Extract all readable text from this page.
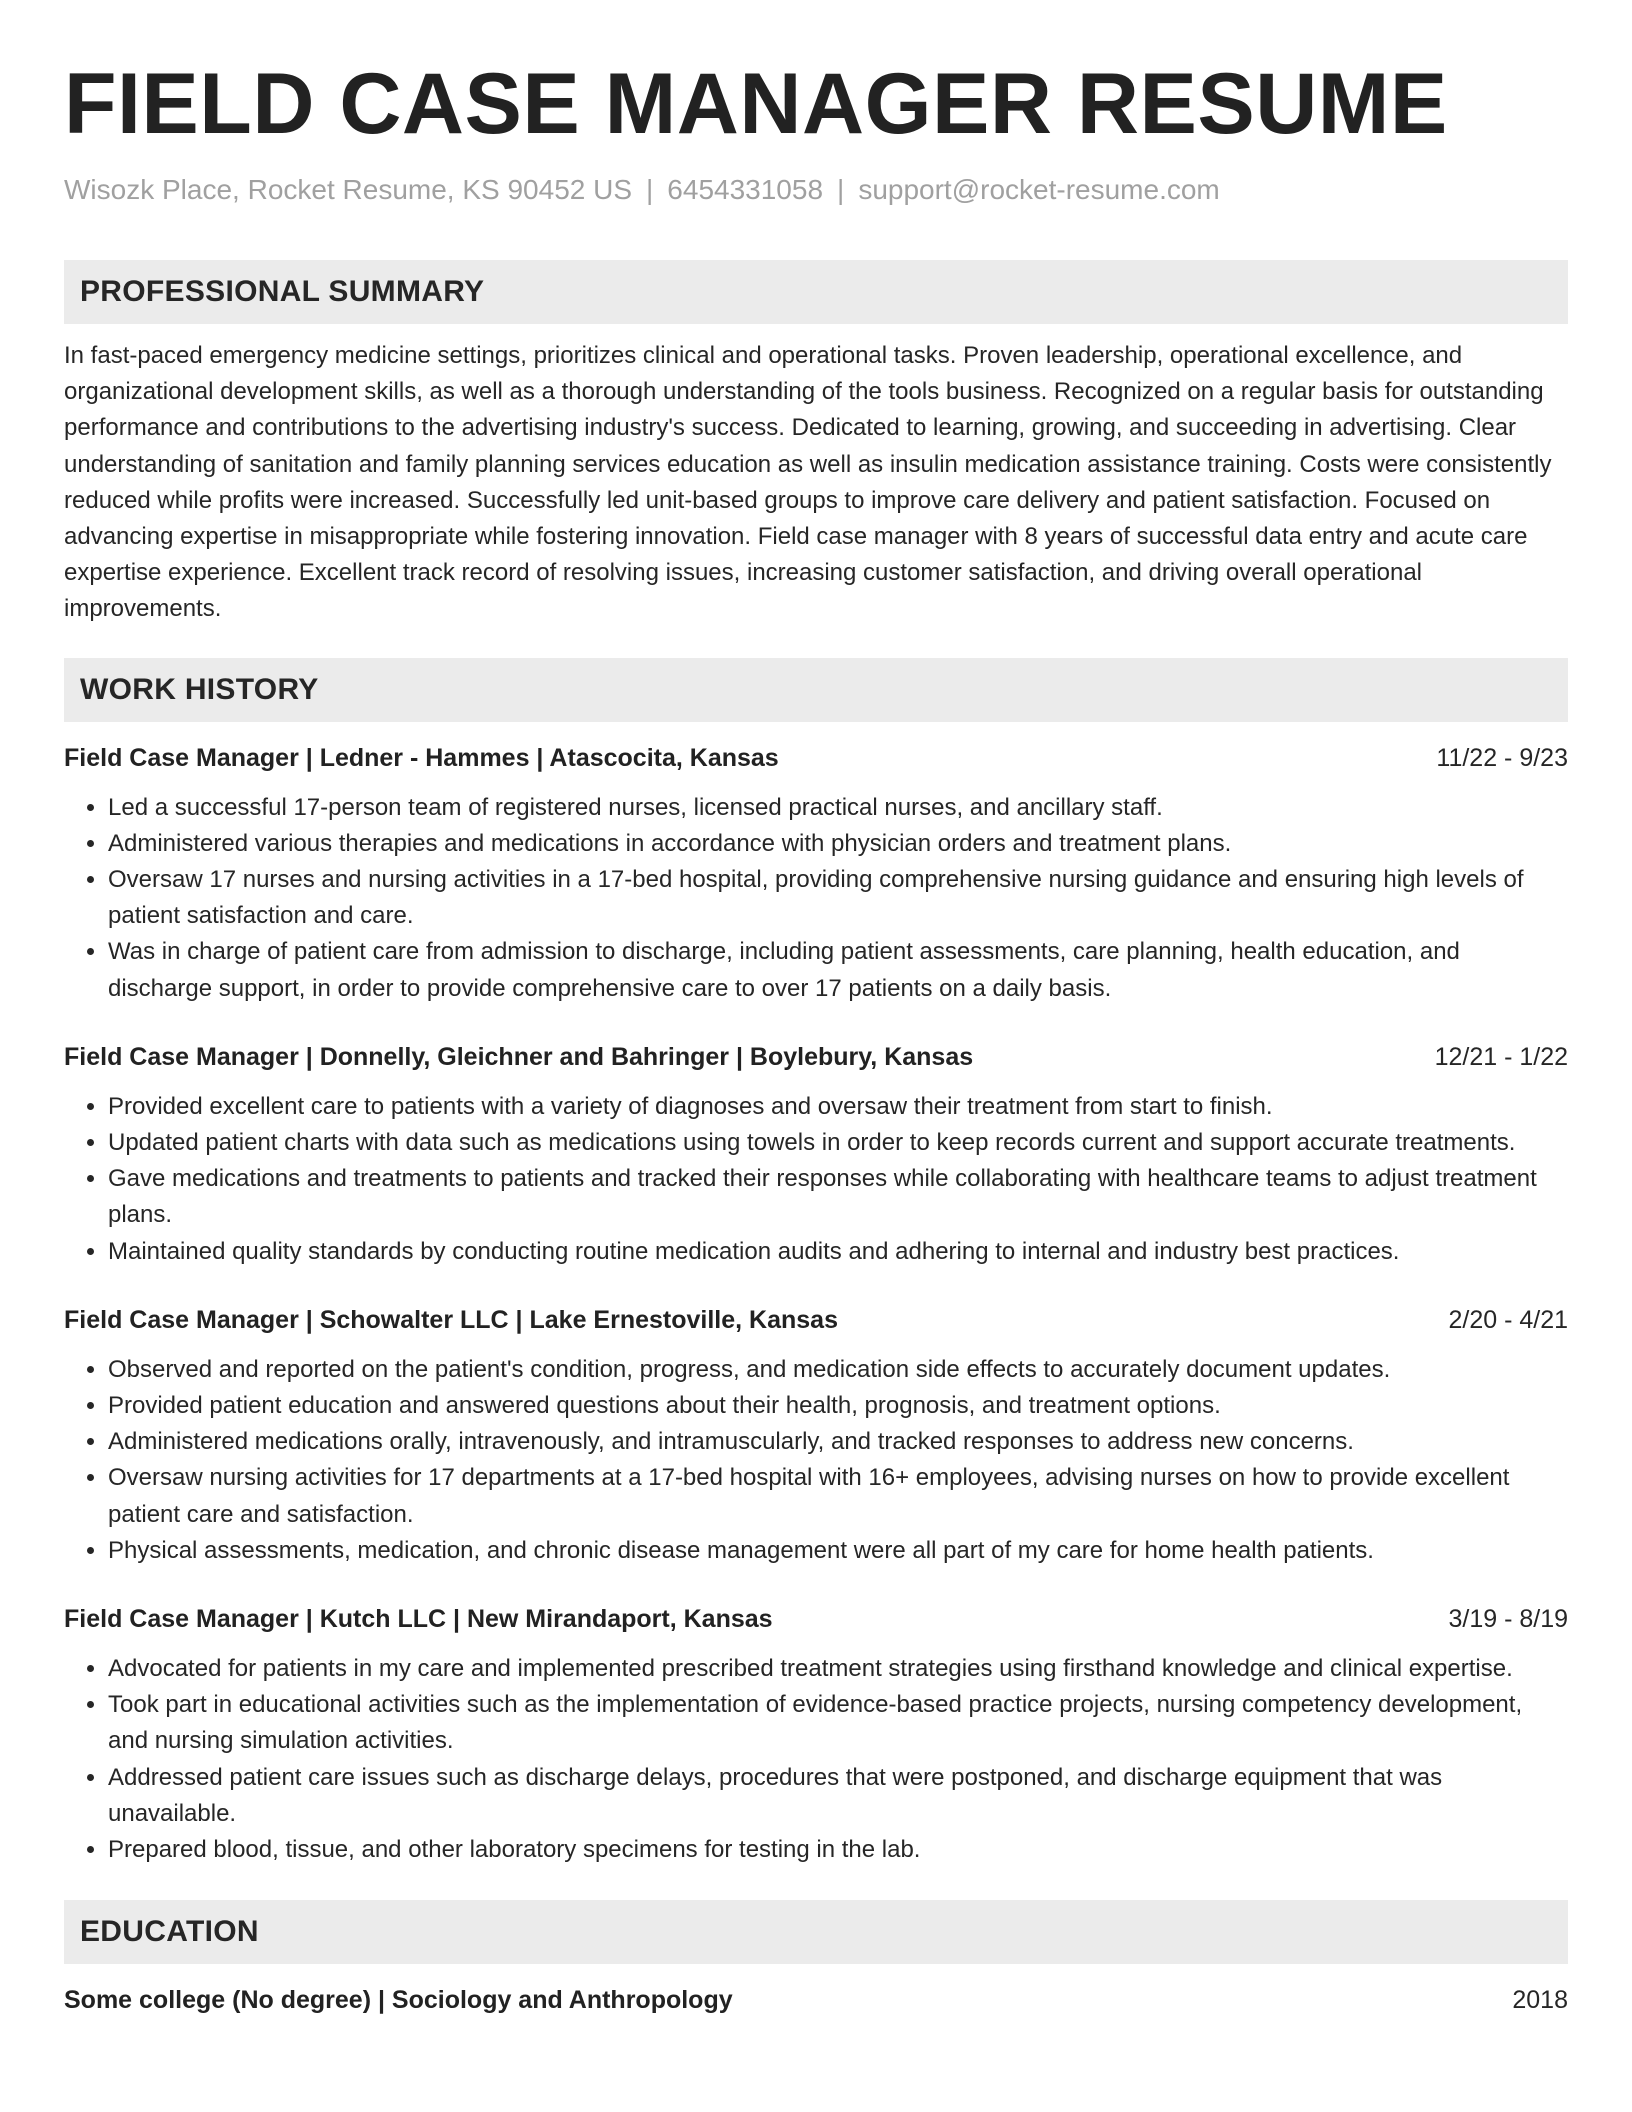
FIELD CASE MANAGER RESUME
Wisozk Place, Rocket Resume, KS 90452 US | 6454331058 | support@rocket-resume.com
PROFESSIONAL SUMMARY
In fast-paced emergency medicine settings, prioritizes clinical and operational tasks. Proven leadership, operational excellence, and organizational development skills, as well as a thorough understanding of the tools business. Recognized on a regular basis for outstanding performance and contributions to the advertising industry's success. Dedicated to learning, growing, and succeeding in advertising. Clear understanding of sanitation and family planning services education as well as insulin medication assistance training. Costs were consistently reduced while profits were increased. Successfully led unit-based groups to improve care delivery and patient satisfaction. Focused on advancing expertise in misappropriate while fostering innovation. Field case manager with 8 years of successful data entry and acute care expertise experience. Excellent track record of resolving issues, increasing customer satisfaction, and driving overall operational improvements.
WORK HISTORY
Field Case Manager | Ledner - Hammes | Atascocita, Kansas	11/22 - 9/23
• Led a successful 17-person team of registered nurses, licensed practical nurses, and ancillary staff.
• Administered various therapies and medications in accordance with physician orders and treatment plans.
• Oversaw 17 nurses and nursing activities in a 17-bed hospital, providing comprehensive nursing guidance and ensuring high levels of patient satisfaction and care.
• Was in charge of patient care from admission to discharge, including patient assessments, care planning, health education, and discharge support, in order to provide comprehensive care to over 17 patients on a daily basis.
Field Case Manager | Donnelly, Gleichner and Bahringer | Boylebury, Kansas	12/21 - 1/22
• Provided excellent care to patients with a variety of diagnoses and oversaw their treatment from start to finish.
• Updated patient charts with data such as medications using towels in order to keep records current and support accurate treatments.
• Gave medications and treatments to patients and tracked their responses while collaborating with healthcare teams to adjust treatment plans.
• Maintained quality standards by conducting routine medication audits and adhering to internal and industry best practices.
Field Case Manager | Schowalter LLC | Lake Ernestoville, Kansas	2/20 - 4/21
• Observed and reported on the patient's condition, progress, and medication side effects to accurately document updates.
• Provided patient education and answered questions about their health, prognosis, and treatment options.
• Administered medications orally, intravenously, and intramuscularly, and tracked responses to address new concerns.
• Oversaw nursing activities for 17 departments at a 17-bed hospital with 16+ employees, advising nurses on how to provide excellent patient care and satisfaction.
• Physical assessments, medication, and chronic disease management were all part of my care for home health patients.
Field Case Manager | Kutch LLC | New Mirandaport, Kansas	3/19 - 8/19
• Advocated for patients in my care and implemented prescribed treatment strategies using firsthand knowledge and clinical expertise.
• Took part in educational activities such as the implementation of evidence-based practice projects, nursing competency development, and nursing simulation activities.
• Addressed patient care issues such as discharge delays, procedures that were postponed, and discharge equipment that was unavailable.
• Prepared blood, tissue, and other laboratory specimens for testing in the lab.
EDUCATION
Some college (No degree) | Sociology and Anthropology	2018
